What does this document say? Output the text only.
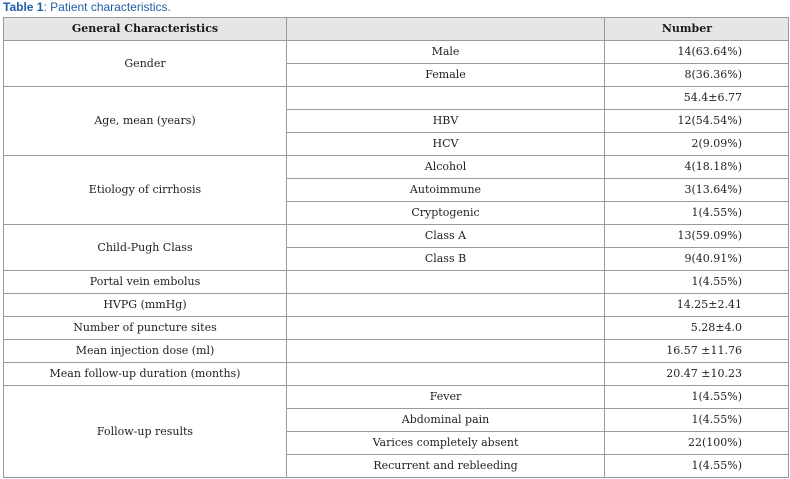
Table 1: Patient characteristics.
General Characteristics		Number
Gender	Male	14(63.64%)
	Female	8(36.36%)
Age, mean (years)		54.4±6.77
	HBV	12(54.54%)
	HCV	2(9.09%)
Etiology of cirrhosis	Alcohol	4(18.18%)
	Autoimmune	3(13.64%)
	Cryptogenic	1(4.55%)
Child-Pugh Class	Class A	13(59.09%)
	Class B	9(40.91%)
Portal vein embolus		1(4.55%)
HVPG (mmHg)		14.25±2.41
Number of puncture sites		5.28±4.0
Mean injection dose (ml)		16.57 ±11.76
Mean follow-up duration (months)		20.47 ±10.23
Follow-up results	Fever	1(4.55%)
	Abdominal pain	1(4.55%)
	Varices completely absent	22(100%)
	Recurrent and rebleeding	1(4.55%)
